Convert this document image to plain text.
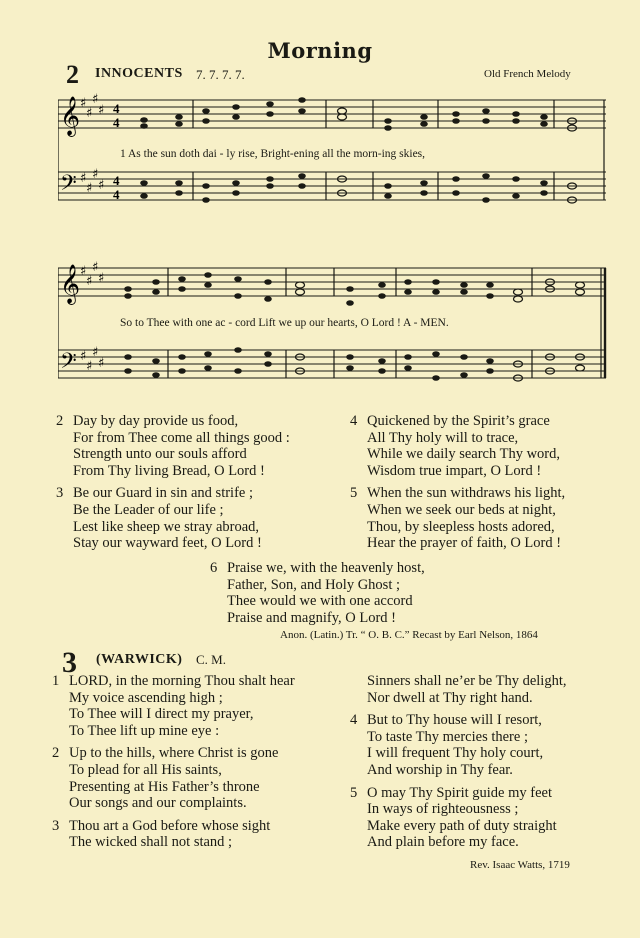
Morning
2 INNOCENTS 7. 7. 7. 7.	Old French Melody
𝄞
𝄢
♯
♯
♯
♯
♯
♯
♯
♯
4
4
4
4
1 As the sun doth dai - ly rise, Bright-ening all the morn-ing skies,
𝄞
𝄢
♯
♯
♯
♯
♯
♯
♯
♯
So to Thee with one ac - cord Lift we up our hearts, O Lord ! A - MEN.
2 Day by day provide us food,
For from Thee come all things good :
Strength unto our souls afford
From Thy living Bread, O Lord !
3 Be our Guard in sin and strife ;
Be the Leader of our life ;
Lest like sheep we stray abroad,
Stay our wayward feet, O Lord !
4 Quickened by the Spirit’s grace
All Thy holy will to trace,
While we daily search Thy word,
Wisdom true impart, O Lord !
5 When the sun withdraws his light,
When we seek our beds at night,
Thou, by sleepless hosts adored,
Hear the prayer of faith, O Lord !
6 Praise we, with the heavenly host,
Father, Son, and Holy Ghost ;
Thee would we with one accord
Praise and magnify, O Lord !
Anon. (Latin.) Tr. “ O. B. C.” Recast by Earl Nelson, 1864
3 (WARWICK) C. M.
1 LORD, in the morning Thou shalt hear
My voice ascending high ;
To Thee will I direct my prayer,
To Thee lift up mine eye :
2 Up to the hills, where Christ is gone
To plead for all His saints,
Presenting at His Father’s throne
Our songs and our complaints.
3 Thou art a God before whose sight
The wicked shall not stand ;
Sinners shall ne’er be Thy delight,
Nor dwell at Thy right hand.
4 But to Thy house will I resort,
To taste Thy mercies there ;
I will frequent Thy holy court,
And worship in Thy fear.
5 O may Thy Spirit guide my feet
In ways of righteousness ;
Make every path of duty straight
And plain before my face.
Rev. Isaac Watts, 1719
